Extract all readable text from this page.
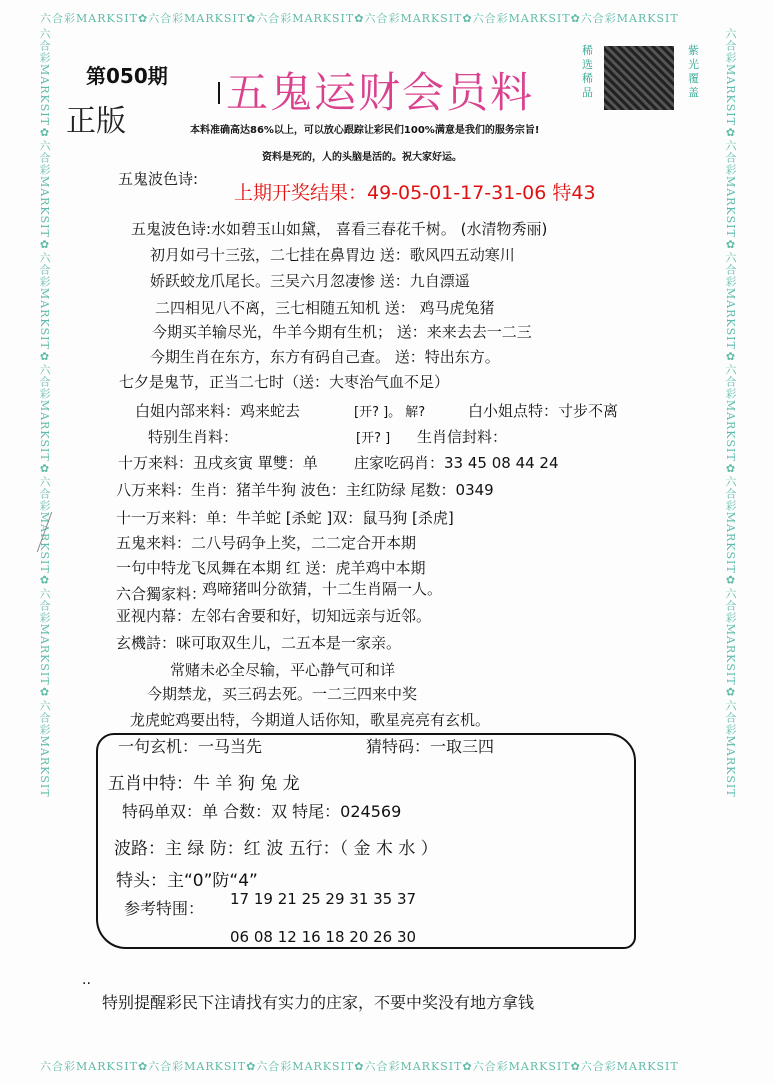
六合彩MARKSIT✿六合彩MARKSIT✿六合彩MARKSIT✿六合彩MARKSIT✿六合彩MARKSIT✿六合彩MARKSIT
六合彩MARKSIT✿六合彩MARKSIT✿六合彩MARKSIT✿六合彩MARKSIT✿六合彩MARKSIT✿六合彩MARKSIT
六合彩MARKSIT✿六合彩MARKSIT✿六合彩MARKSIT✿六合彩MARKSIT✿六合彩MARKSIT✿六合彩MARKSIT✿六合彩MARKSIT
六合彩MARKSIT✿六合彩MARKSIT✿六合彩MARKSIT✿六合彩MARKSIT✿六合彩MARKSIT✿六合彩MARKSIT✿六合彩MARKSIT
第050期
正版
五鬼运财会员料
本料准确高达86%以上，可以放心跟踪让彩民们100%满意是我们的服务宗旨!
资料是死的，人的头脑是活的。祝大家好运。
稀选稀品
紫光覆盖
上期开奖结果：49-05-01-17-31-06 特43
五鬼波色诗:
五鬼波色诗:水如碧玉山如黛， 喜看三春花千树。 (水清物秀丽)
初月如弓十三弦，二七挂在鼻胃边 送：歌风四五动寒川
娇跃蛟龙爪尾长。三吴六月忽凄惨 送：九自漂遥
二四相见八不离，三七相随五知机 送： 鸡马虎兔猪
今期买羊输尽光，牛羊今期有生机； 送：来来去去一二三
今期生肖在东方，东方有码自己查。 送：特出东方。
七夕是鬼节，正当二七时（送：大枣治气血不足）
白姐内部来料：鸡来蛇去	[开? ]。 解?	白小姐点特：寸步不离
特别生肖料：	[开? ] 生肖信封料：
十万来料：丑戌亥寅 單雙：单 庄家吃码肖：33 45 08 44 24
八万来料：生肖：猪羊牛狗 波色：主红防绿 尾数：0349
十一万来料：单：牛羊蛇 [杀蛇 ]双：鼠马狗 [杀虎]
五鬼来料：二八号码争上奖，二二定合开本期
一句中特龙飞凤舞在本期 红 送：虎羊鸡中本期
六合獨家料：
鸡啼猪叫分欲猜，十二生肖隔一人。
亚视内幕：左邻右舍要和好，切知远亲与近邻。
玄機詩：咪可取双生儿，二五本是一家亲。
常赌未必全尽输，平心静气可和详
今期禁龙，买三码去死。一二三四来中奖
龙虎蛇鸡要出特，今期道人话你知，歌星亮亮有玄机。
一句玄机：一马当先	猜特码：一取三四
五肖中特：牛 羊 狗 兔 龙
特码单双：单 合数：双 特尾：024569
波路：主 绿 防：红 波 五行：（ 金 木 水 ）
特头：主“0”防“4”
参考特围： 17 19 21 25 29 31 35 37
06 08 12 16 18 20 26 30
..
特别提醒彩民下注请找有实力的庄家，不要中奖没有地方拿钱
